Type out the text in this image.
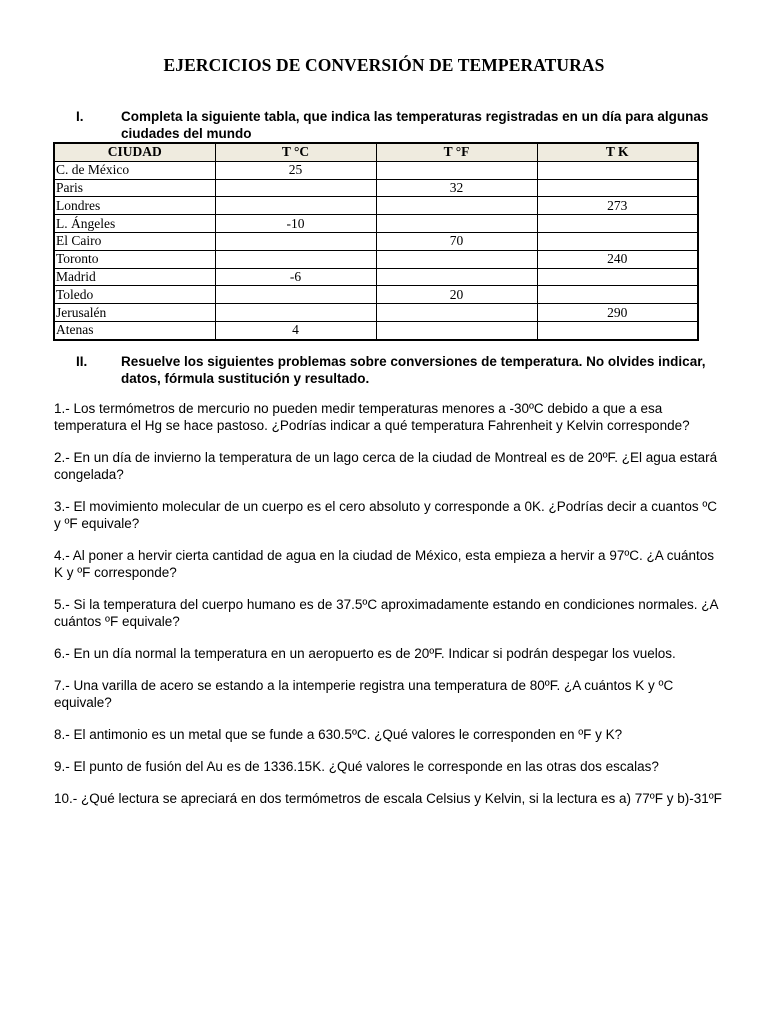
EJERCICIOS DE CONVERSIÓN DE TEMPERATURAS
I.	Completa la siguiente tabla, que indica las temperaturas registradas en un día para algunas ciudades del mundo
CIUDAD	T °C	T °F	T K
C. de México	25		
Paris		32	
Londres			273
L. Ángeles	-10		
El Cairo		70	
Toronto			240
Madrid	-6		
Toledo		20	
Jerusalén			290
Atenas	4		
II. Resuelve los siguientes problemas sobre conversiones de temperatura. No olvides indicar, datos, fórmula sustitución y resultado.

1.- Los termómetros de mercurio no pueden medir temperaturas menores a -30ºC debido a que a esa temperatura el Hg se hace pastoso. ¿Podrías indicar a qué temperatura Fahrenheit y Kelvin corresponde?

2.- En un día de invierno la temperatura de un lago cerca de la ciudad de Montreal es de 20ºF. ¿El agua estará congelada?

3.- El movimiento molecular de un cuerpo es el cero absoluto y corresponde a 0K. ¿Podrías decir a cuantos ºC y ºF equivale?

4.- Al poner a hervir cierta cantidad de agua en la ciudad de México, esta empieza a hervir a 97ºC. ¿A cuántos K y ºF corresponde?

5.- Si la temperatura del cuerpo humano es de 37.5ºC aproximadamente estando en condiciones normales. ¿A cuántos ºF equivale?

6.- En un día normal la temperatura en un aeropuerto es de 20ºF. Indicar si podrán despegar los vuelos.

7.- Una varilla de acero se estando a la intemperie registra una temperatura de 80ºF. ¿A cuántos K y ºC equivale?

8.- El antimonio es un metal que se funde a 630.5ºC. ¿Qué valores le corresponden en ºF y K?

9.- El punto de fusión del Au es de 1336.15K. ¿Qué valores le corresponde en las otras dos escalas?

10.- ¿Qué lectura se apreciará en dos termómetros de escala Celsius y Kelvin, si la lectura es a) 77ºF y b)-31ºF
